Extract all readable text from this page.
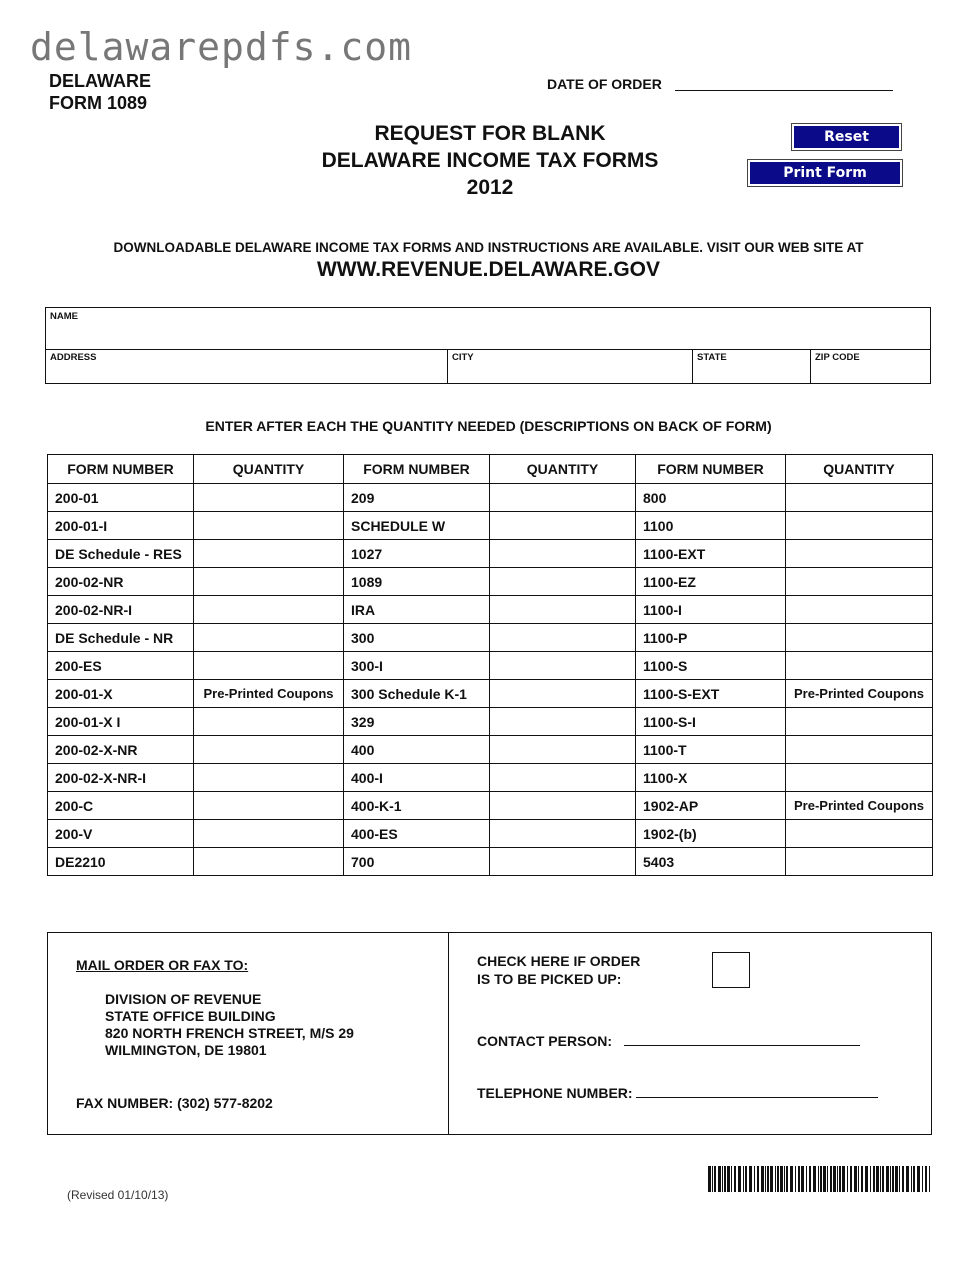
delawarepdfs.com
DELAWARE
FORM 1089
DATE OF ORDER
REQUEST FOR BLANK
DELAWARE INCOME TAX FORMS
2012
Reset
Print Form
DOWNLOADABLE DELAWARE INCOME TAX FORMS AND INSTRUCTIONS ARE AVAILABLE. VISIT OUR WEB SITE AT
WWW.REVENUE.DELAWARE.GOV
NAME
ADDRESS	CITY	STATE	ZIP CODE
ENTER AFTER EACH THE QUANTITY NEEDED (DESCRIPTIONS ON BACK OF FORM)
FORM NUMBER	QUANTITY	FORM NUMBER	QUANTITY	FORM NUMBER	QUANTITY
200-01		209		800	
200-01-I		SCHEDULE W		1100	
DE Schedule - RES		1027		1100-EXT	
200-02-NR		1089		1100-EZ	
200-02-NR-I		IRA		1100-I	
DE Schedule - NR		300		1100-P	
200-ES		300-I		1100-S	
200-01-X	Pre-Printed Coupons	300 Schedule K-1		1100-S-EXT	Pre-Printed Coupons
200-01-X I		329		1100-S-I	
200-02-X-NR		400		1100-T	
200-02-X-NR-I		400-I		1100-X	
200-C		400-K-1		1902-AP	Pre-Printed Coupons
200-V		400-ES		1902-(b)	
DE2210		700		5403	
MAIL ORDER OR FAX TO:
DIVISION OF REVENUE
STATE OFFICE BUILDING
820 NORTH FRENCH STREET, M/S 29
WILMINGTON, DE 19801
FAX NUMBER: (302) 577-8202
CHECK HERE IF ORDER
IS TO BE PICKED UP:
CONTACT PERSON:
TELEPHONE NUMBER:
(Revised 01/10/13)
